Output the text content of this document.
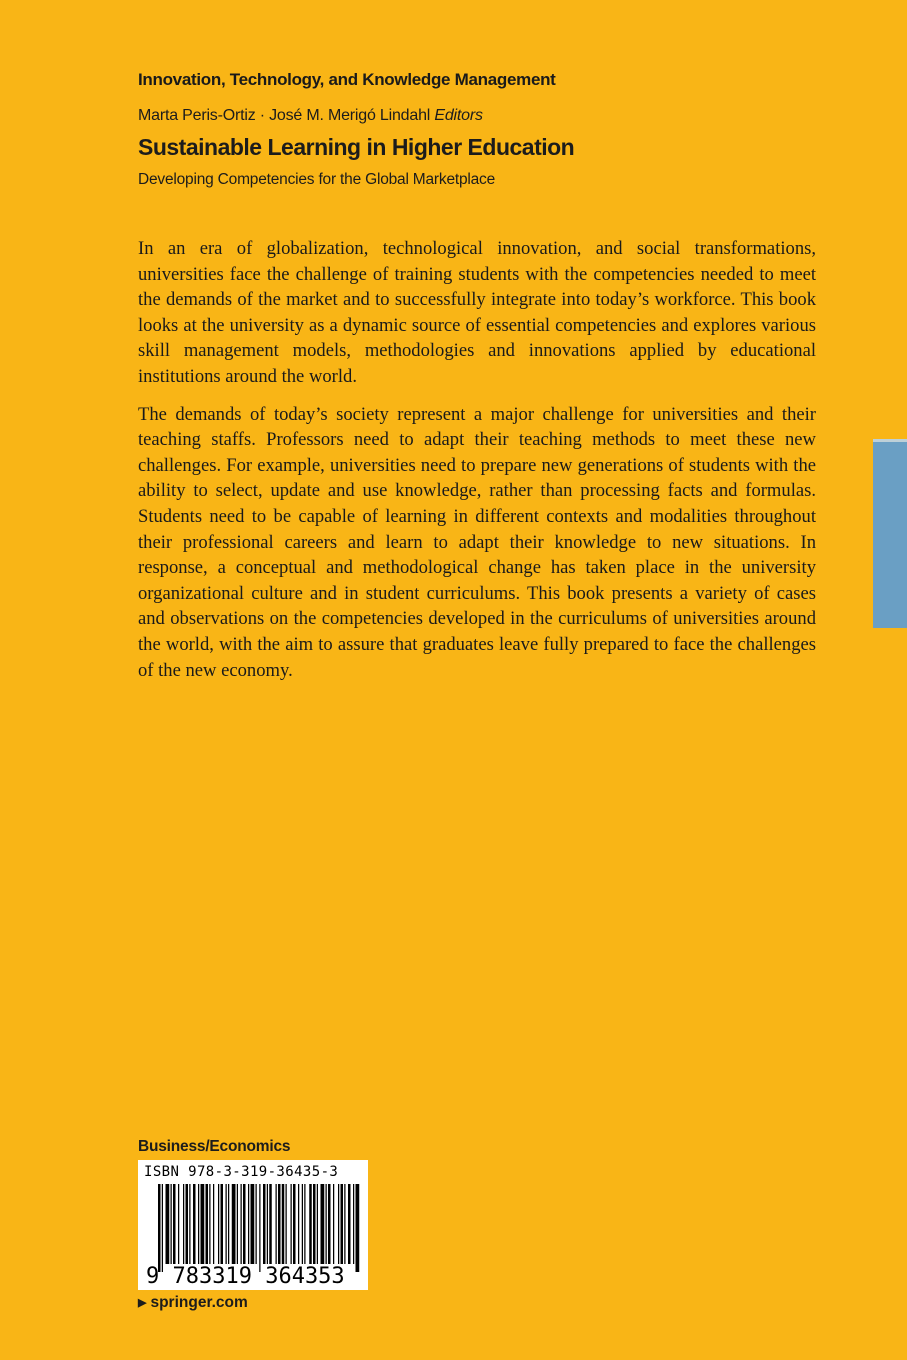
Innovation, Technology, and Knowledge Management
Marta Peris-Ortiz · José M. Merigó Lindahl Editors
Sustainable Learning in Higher Education
Developing Competencies for the Global Marketplace

In an era of globalization, technological innovation, and social transformations, universities face the challenge of training students with the competencies needed to meet the demands of the market and to successfully integrate into today’s workforce. This book looks at the university as a dynamic source of essential competencies and explores various skill management models, methodologies and innovations applied by educational institutions around the world.

The demands of today’s society represent a major challenge for universities and their teaching staffs. Professors need to adapt their teaching methods to meet these new challenges. For example, universities need to prepare new generations of students with the ability to select, update and use knowledge, rather than processing facts and formulas. Students need to be capable of learning in different contexts and modalities throughout their professional careers and learn to adapt their knowledge to new situations. In response, a conceptual and methodological change has taken place in the university organizational culture and in student curriculums. This book presents a variety of cases and observations on the competencies developed in the curriculums of universities around the world, with the aim to assure that graduates leave fully prepared to face the challenges of the new economy.

Business/Economics
ISBN 978-3-319-36435-3
9 783319 364353
▶ springer.com
